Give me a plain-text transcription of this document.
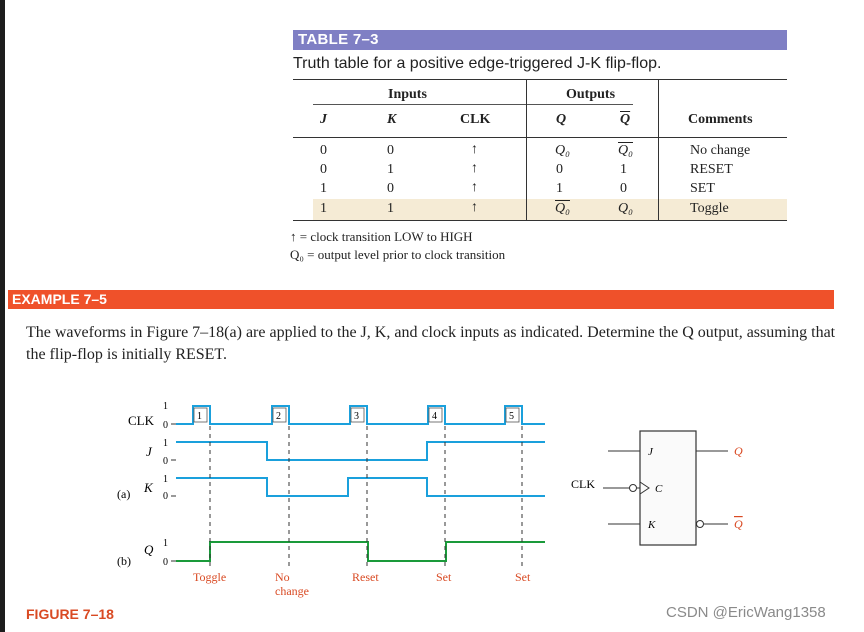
TABLE 7–3
Truth table for a positive edge-triggered J-K flip-flop.
Inputs	Outputs
J	K	CLK	Q	$\overline{Q}$	Comments
0	0	↑	Q₀	Q₀	No change
0	1	↑	0	1	RESET
1	0	↑	1	0	SET
1	1	↑	Q₀	Q₀	Toggle
↑ = clock transition LOW to HIGH
Q₀ = output level prior to clock transition
EXAMPLE 7–5
The waveforms in Figure 7–18(a) are applied to the J, K, and clock inputs as indicated. Determine the Q output, assuming that the flip-flop is initially RESET.
CLK
J
K
(a)
Q
(b)
1
0
1
0
1
0
1
0
1	2	3	4	5
Toggle	No
change
Reset	Set	Set
J
C
K
CLK
Q
Q
FIGURE 7–18	CSDN @EricWang1358
